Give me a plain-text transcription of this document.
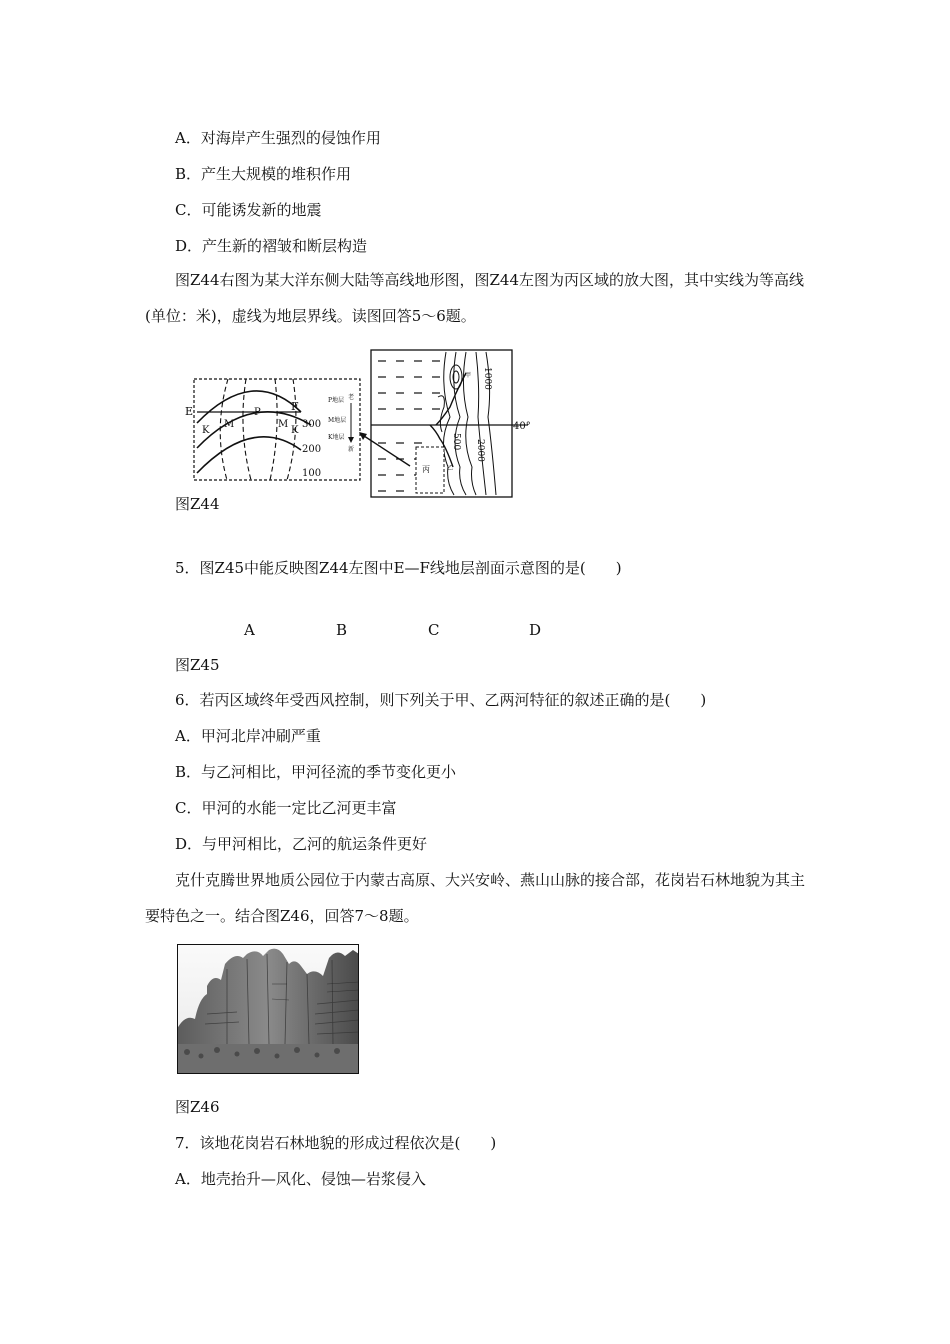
A．对海岸产生强烈的侵蚀作用
B．产生大规模的堆积作用
C．可能诱发新的地震
D．产生新的褶皱和断层构造
图Z44右图为某大洋东侧大陆等高线地形图，图Z44左图为丙区域的放大图，其中实线为等高线(单位：米)，虚线为地层界线。读图回答5～6题。
E	F
K
M
P
M
K
300
200
100
P地层
M地层
K地层
老
新
40°
1000
500 2000
甲
乙
丙
图Z44
5．图Z45中能反映图Z44左图中E—F线地层剖面示意图的是(　　)
A	B	C	D
图Z45
6．若丙区域终年受西风控制，则下列关于甲、乙两河特征的叙述正确的是(　　)
A．甲河北岸冲刷严重
B．与乙河相比，甲河径流的季节变化更小
C．甲河的水能一定比乙河更丰富
D．与甲河相比，乙河的航运条件更好
克什克腾世界地质公园位于内蒙古高原、大兴安岭、燕山山脉的接合部，花岗岩石林地貌为其主要特色之一。结合图Z46，回答7～8题。
图Z46
7．该地花岗岩石林地貌的形成过程依次是(　　)
A．地壳抬升—风化、侵蚀—岩浆侵入
